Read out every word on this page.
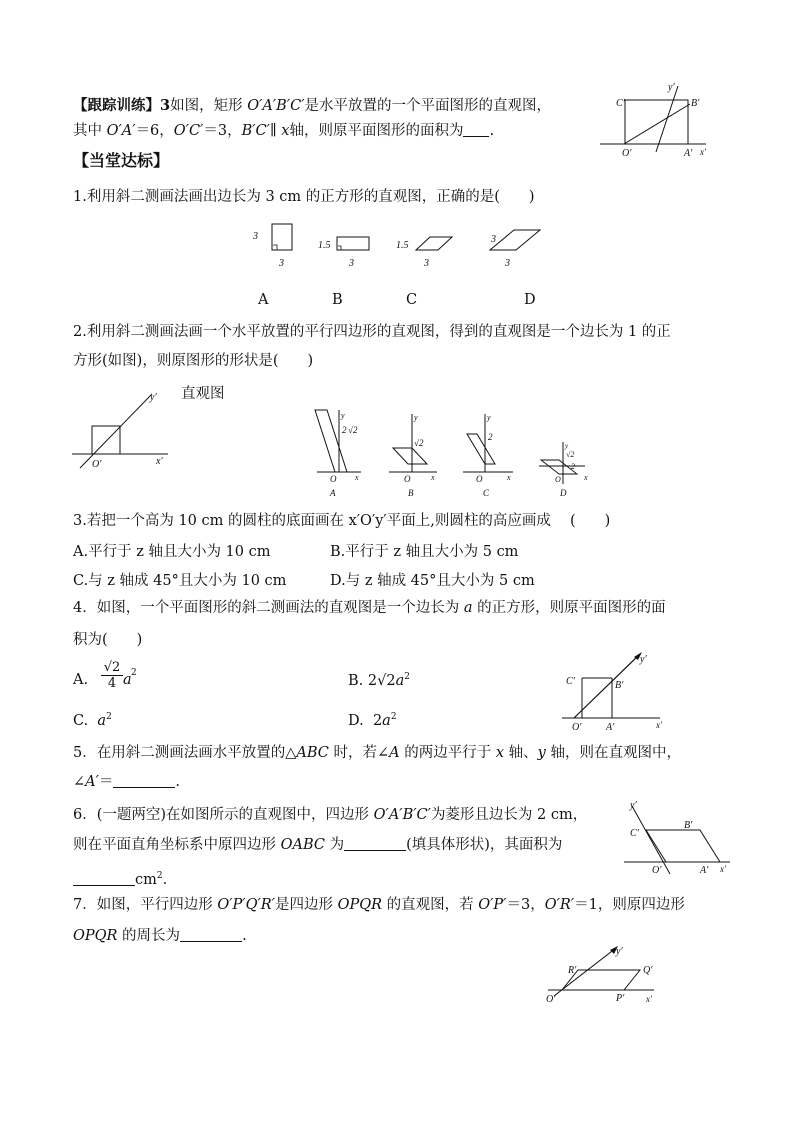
【跟踪训练】3如图，矩形 O′A′B′C′是水平放置的一个平面图形的直观图，
其中 O′A′＝6，O′C′＝3，B′C′∥ x轴，则原平面图形的面积为 .
C′	B′
O′	A′ x′
y′
【当堂达标】
1.利用斜二测画法画出边长为 3 cm 的正方形的直观图，正确的是(　　)
3
3
1.5
3
1.5
3
3
3
A	B	C	D
2.利用斜二测画法画一个水平放置的平行四边形的直观图，得到的直观图是一个边长为 1 的正
方形(如图)，则原图形的形状是(　　)
直观图
O′	x′
y′
y
2 √2
O x
A
y
√2
O	x
B
y
2
O	x
C
y
√2
2
O	x
D
3.若把一个高为 10 cm 的圆柱的底面画在 x′O′y′平面上,则圆柱的高应画成　 (　　)
A.平行于 z 轴且大小为 10 cm	B.平行于 z 轴且大小为 5 cm
C.与 z 轴成 45°且大小为 10 cm	D.与 z 轴成 45°且大小为 5 cm
4．如图，一个平面图形的斜二测画法的直观图是一个边长为 a 的正方形，则原平面图形的面
积为(　　)
A.
√2
4 a 2	B. $2√2a^2$
C. $a^2$	D. $2a^2$
C′	B′
O′ A′	x′
y′
5．在用斜二测画法画水平放置的△ABC 时，若∠A 的两边平行于 x 轴、y 轴，则在直观图中，
∠A′＝	.
6．(一题两空)在如图所示的直观图中，四边形 O′A′B′C′为菱形且边长为 2 cm，
则在平面直角坐标系中原四边形 OABC 为	(填具体形状)，其面积为
$cm^2$.
C′
B′
O′	A′ x′
y′
7．如图，平行四边形 O′P′Q′R′是四边形 OPQR 的直观图，若 O′P′＝3，O′R′＝1，则原四边形
OPQR 的周长为	.
R′	Q′
O′	P′ x′
y′
